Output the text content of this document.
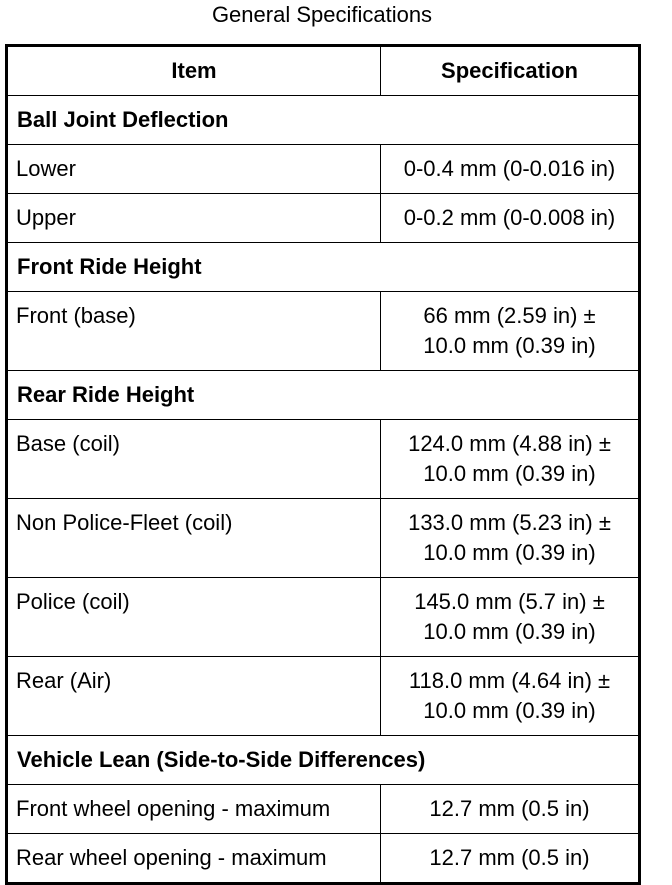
General Specifications
Item	Specification
Ball Joint Deflection	
Lower	0-0.4 mm (0-0.016 in)

Upper	0-0.2 mm (0-0.008 in)

Front Ride Height	
Front (base)	66 mm (2.59 in) ±
10.0 mm (0.39 in)

Rear Ride Height	
Base (coil)	124.0 mm (4.88 in) ±
10.0 mm (0.39 in)

Non Police-Fleet (coil)	133.0 mm (5.23 in) ±
10.0 mm (0.39 in)

Police (coil)	145.0 mm (5.7 in) ±
10.0 mm (0.39 in)

Rear (Air)	118.0 mm (4.64 in) ±
10.0 mm (0.39 in)

Vehicle Lean (Side-to-Side Differences)	
Front wheel opening - maximum	12.7 mm (0.5 in)

Rear wheel opening - maximum	12.7 mm (0.5 in)
